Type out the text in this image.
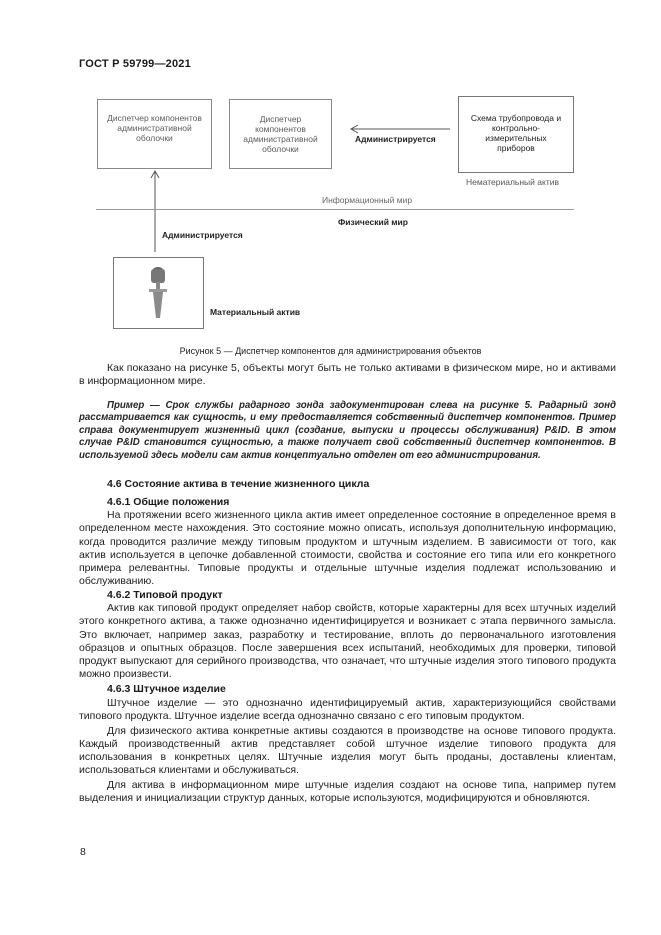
ГОСТ Р 59799—2021
Диспетчер компонентов административной оболочки
Диспетчер компонентов административной оболочки
Схема трубопровода и контрольно-измерительных приборов
Администрируется
Нематериальный актив
Информационный мир
Физический мир
Администрируется
Материальный актив
Рисунок 5 — Диспетчер компонентов для администрирования объектов

Как показано на рисунке 5, объекты могут быть не только активами в физическом мире, но и активами в информационном мире.

Пример — Срок службы радарного зонда задокументирован слева на рисунке 5. Радарный зонд рассматривается как сущность, и ему предоставляется собственный диспетчер компонентов. Пример справа документирует жизненный цикл (создание, выпуски и процессы обслуживания) P&ID. В этом случае P&ID становится сущностью, а также получает свой собственный диспетчер компонентов. В используемой здесь модели сам актив концептуально отделен от его администрирования.
4.6 Состояние актива в течение жизненного цикла
4.6.1 Общие положения

На протяжении всего жизненного цикла актив имеет определенное состояние в определенное время в определенном месте нахождения. Это состояние можно описать, используя дополнительную информацию, когда проводится различие между типовым продуктом и штучным изделием. В зависимости от того, как актив используется в цепочке добавленной стоимости, свойства и состояние его типа или его конкретного примера релевантны. Типовые продукты и отдельные штучные изделия подлежат использованию и обслуживанию.

4.6.2 Типовой продукт

Актив как типовой продукт определяет набор свойств, которые характерны для всех штучных изделий этого конкретного актива, а также однозначно идентифицируется и возникает с этапа первичного замысла. Это включает, например заказ, разработку и тестирование, вплоть до первоначального изготовления образцов и опытных образцов. После завершения всех испытаний, необходимых для проверки, типовой продукт выпускают для серийного производства, что означает, что штучные изделия этого типового продукта можно произвести.

4.6.3 Штучное изделие

Штучное изделие — это однозначно идентифицируемый актив, характеризующийся свойствами типового продукта. Штучное изделие всегда однозначно связано с его типовым продуктом.

Для физического актива конкретные активы создаются в производстве на основе типового продукта. Каждый производственный актив представляет собой штучное изделие типового продукта для использования в конкретных целях. Штучные изделия могут быть проданы, доставлены клиентам, использоваться клиентами и обслуживаться.

Для актива в информационном мире штучные изделия создают на основе типа, например путем выделения и инициализации структур данных, которые используются, модифицируются и обновляются.

8
